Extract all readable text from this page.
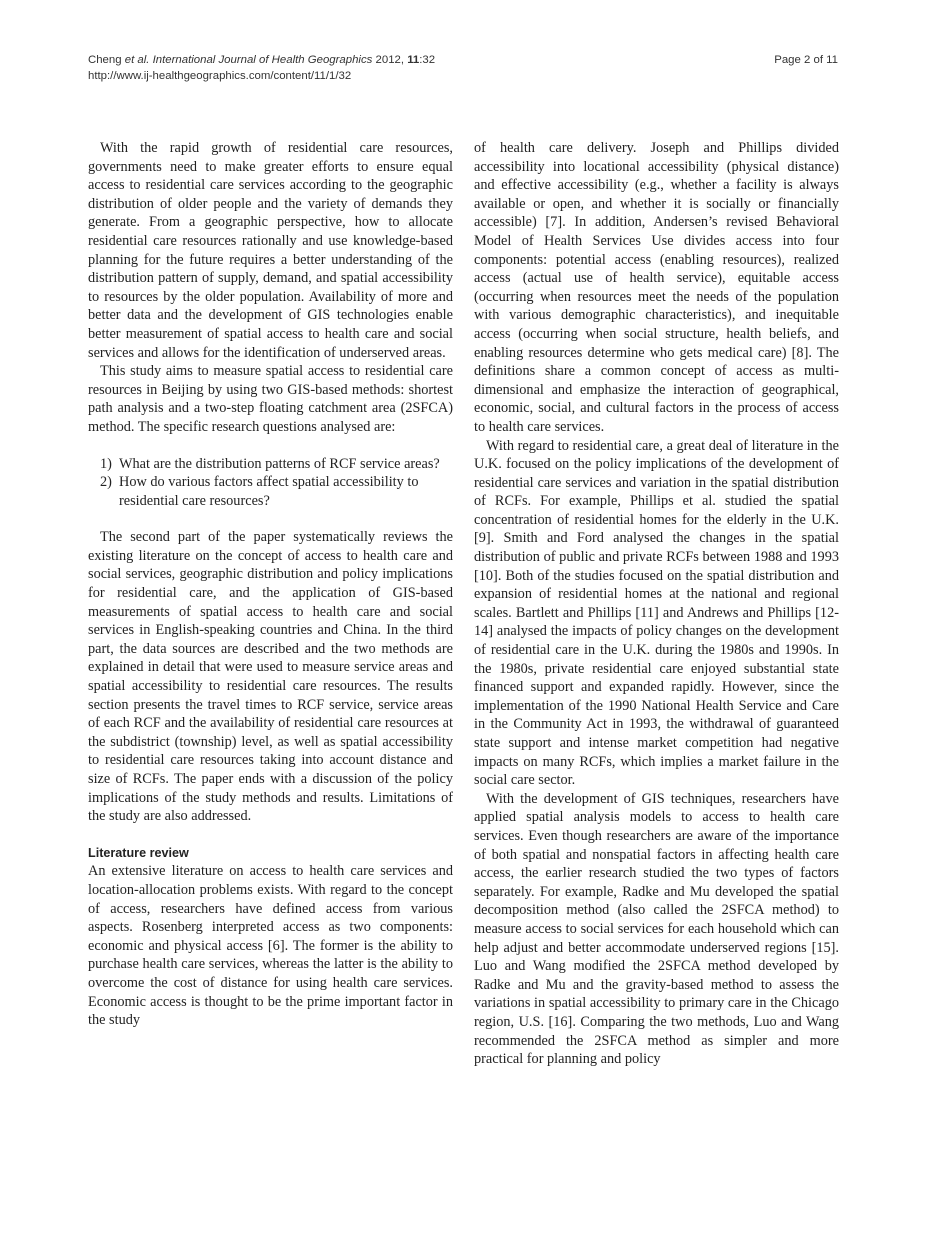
Cheng et al. International Journal of Health Geographics 2012, 11:32
http://www.ij-healthgeographics.com/content/11/1/32
Page 2 of 11

With the rapid growth of residential care resources, governments need to make greater efforts to ensure equal access to residential care services according to the geographic distribution of older people and the variety of demands they generate. From a geographic perspective, how to allocate residential care resources rationally and use knowledge-based planning for the future requires a better understanding of the distribution pattern of supply, demand, and spatial accessibility to resources by the older population. Availability of more and better data and the development of GIS technologies enable better measurement of spatial access to health care and social services and allows for the identification of underserved areas.

This study aims to measure spatial access to residential care resources in Beijing by using two GIS-based methods: shortest path analysis and a two-step floating catchment area (2SFCA) method. The specific research questions analysed are:

1) What are the distribution patterns of RCF service areas?
2) How do various factors affect spatial accessibility to residential care resources?

The second part of the paper systematically reviews the existing literature on the concept of access to health care and social services, geographic distribution and policy implications for residential care, and the application of GIS-based measurements of spatial access to health care and social services in English-speaking countries and China. In the third part, the data sources are described and the two methods are explained in detail that were used to measure service areas and spatial accessibility to residential care resources. The results section presents the travel times to RCF service, service areas of each RCF and the availability of residential care resources at the subdistrict (township) level, as well as spatial accessibility to residential care resources taking into account distance and size of RCFs. The paper ends with a discussion of the policy implications of the study methods and results. Limitations of the study are also addressed.

Literature review

An extensive literature on access to health care services and location-allocation problems exists. With regard to the concept of access, researchers have defined access from various aspects. Rosenberg interpreted access as two components: economic and physical access [6]. The former is the ability to purchase health care services, whereas the latter is the ability to overcome the cost of distance for using health care services. Economic access is thought to be the prime important factor in the study

of health care delivery. Joseph and Phillips divided accessibility into locational accessibility (physical distance) and effective accessibility (e.g., whether a facility is always available or open, and whether it is socially or financially accessible) [7]. In addition, Andersen’s revised Behavioral Model of Health Services Use divides access into four components: potential access (enabling resources), realized access (actual use of health service), equitable access (occurring when resources meet the needs of the population with various demographic characteristics), and inequitable access (occurring when social structure, health beliefs, and enabling resources determine who gets medical care) [8]. The definitions share a common concept of access as multi-dimensional and emphasize the interaction of geographical, economic, social, and cultural factors in the process of access to health care services.

With regard to residential care, a great deal of literature in the U.K. focused on the policy implications of the development of residential care services and variation in the spatial distribution of RCFs. For example, Phillips et al. studied the spatial concentration of residential homes for the elderly in the U.K. [9]. Smith and Ford analysed the changes in the spatial distribution of public and private RCFs between 1988 and 1993 [10]. Both of the studies focused on the spatial distribution and expansion of residential homes at the national and regional scales. Bartlett and Phillips [11] and Andrews and Phillips [12-14] analysed the impacts of policy changes on the development of residential care in the U.K. during the 1980s and 1990s. In the 1980s, private residential care enjoyed substantial state financed support and expanded rapidly. However, since the implementation of the 1990 National Health Service and Care in the Community Act in 1993, the withdrawal of guaranteed state support and intense market competition had negative impacts on many RCFs, which implies a market failure in the social care sector.

With the development of GIS techniques, researchers have applied spatial analysis models to access to health care services. Even though researchers are aware of the importance of both spatial and nonspatial factors in affecting health care access, the earlier research studied the two types of factors separately. For example, Radke and Mu developed the spatial decomposition method (also called the 2SFCA method) to measure access to social services for each household which can help adjust and better accommodate underserved regions [15]. Luo and Wang modified the 2SFCA method developed by Radke and Mu and the gravity-based method to assess the variations in spatial accessibility to primary care in the Chicago region, U.S. [16]. Comparing the two methods, Luo and Wang recommended the 2SFCA method as simpler and more practical for planning and policy
